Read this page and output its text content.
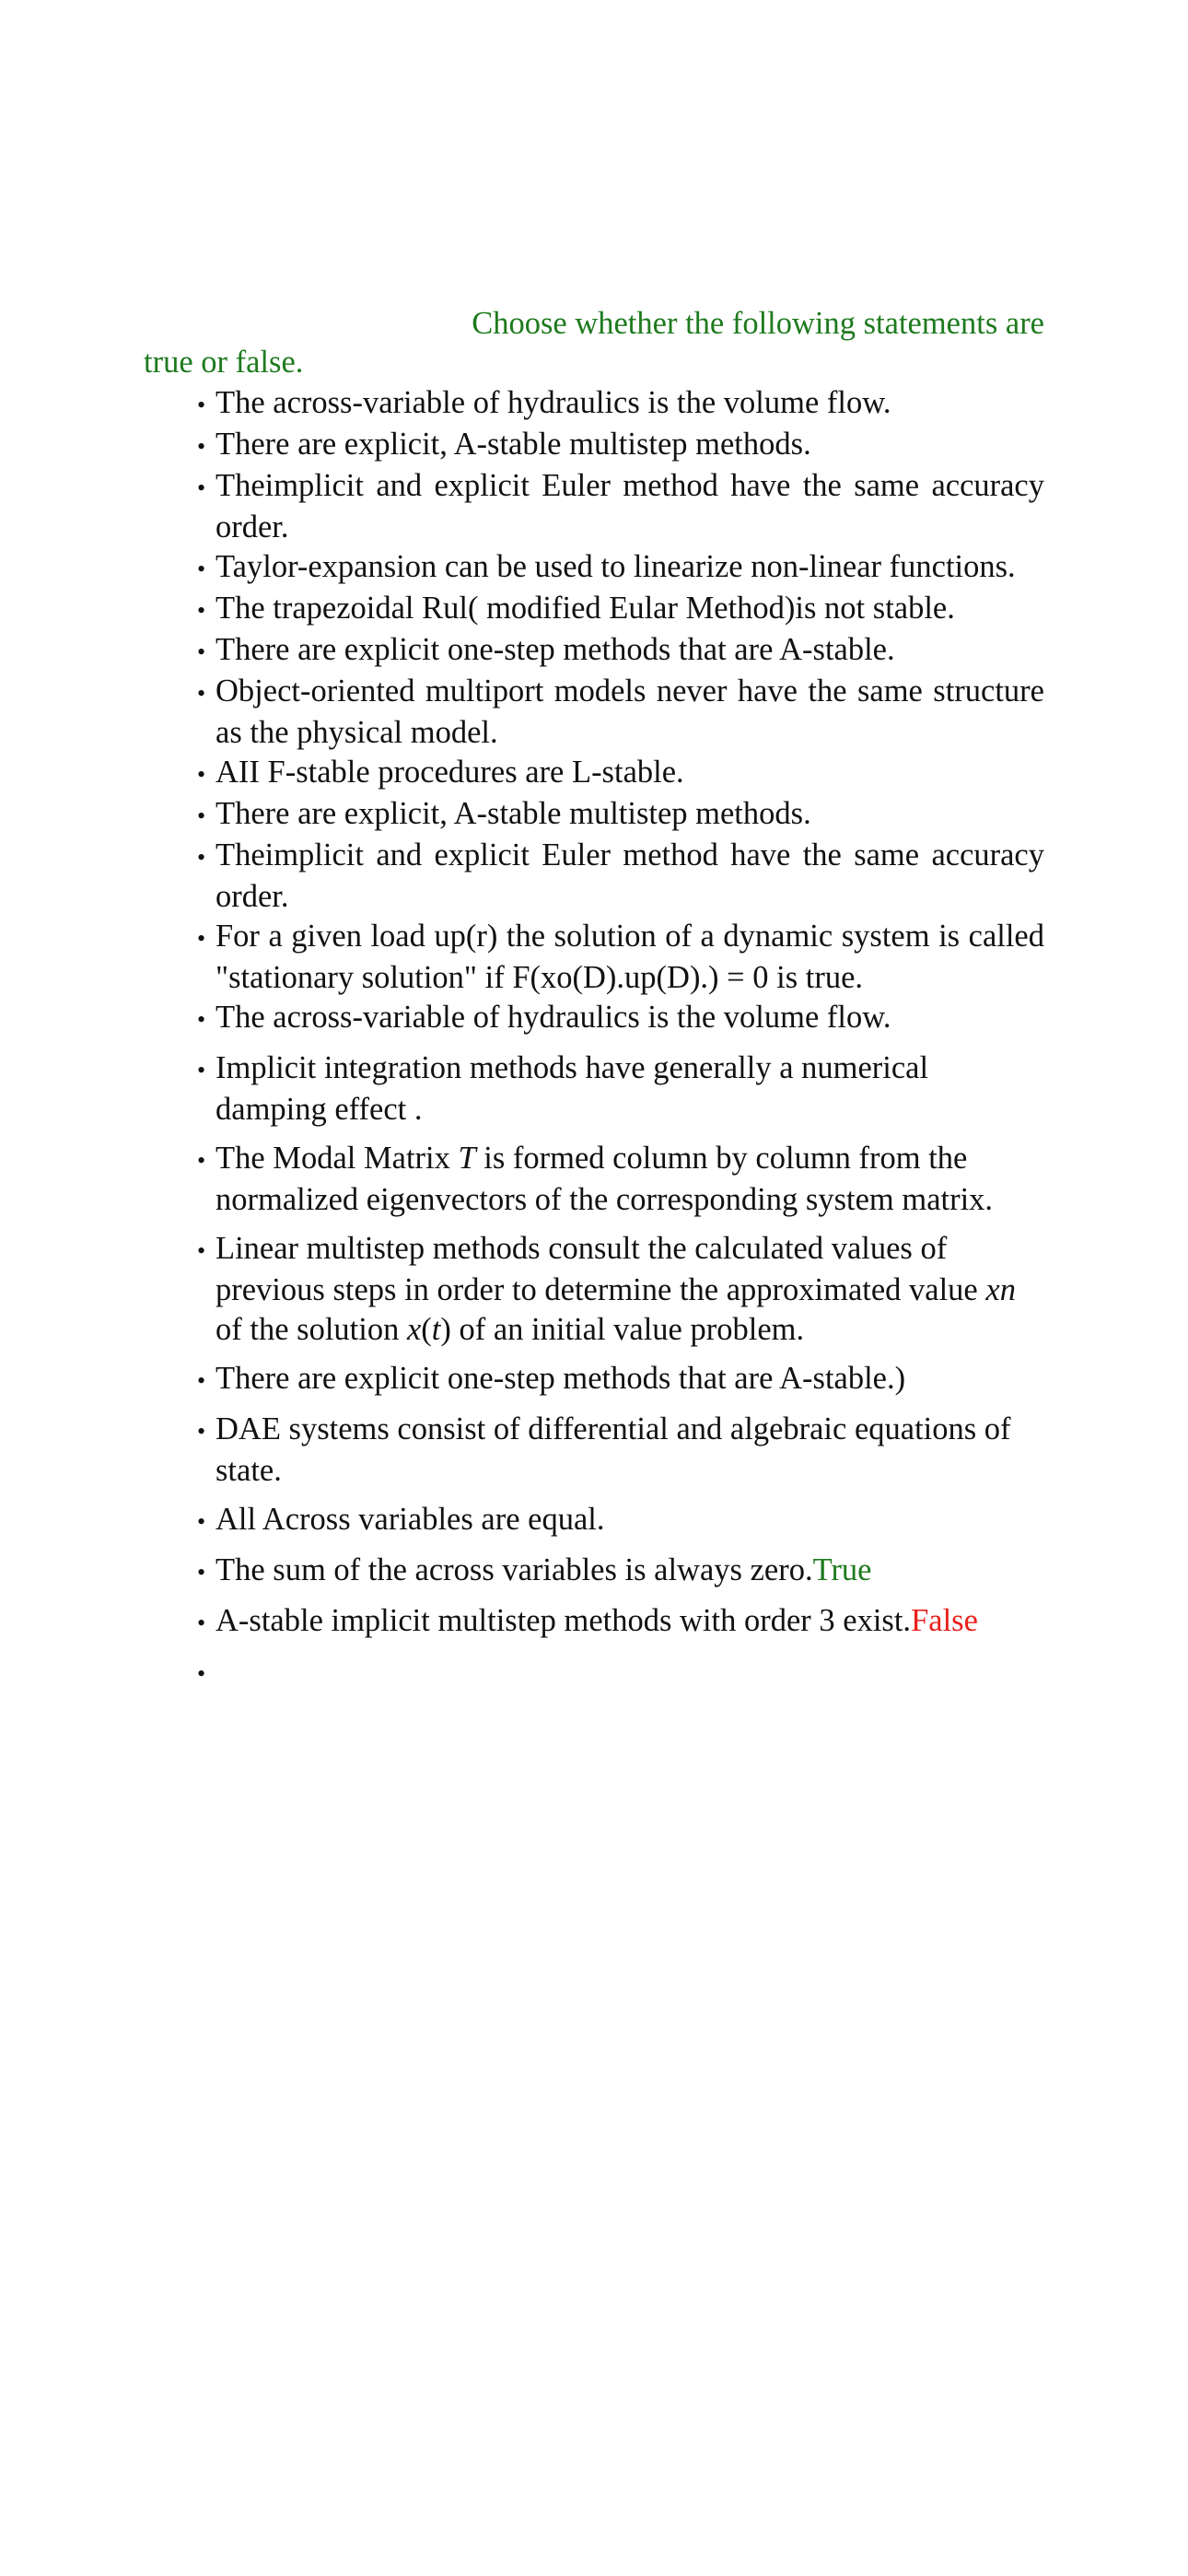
Choose whether the following statements are
true or false.
• The across-variable of hydraulics is the volume flow.
• There are explicit, A-stable multistep methods.
• Theimplicit and explicit Euler method have the same accuracy order.
• Taylor-expansion can be used to linearize non-linear functions.
• The trapezoidal Rul( modified Eular Method)is not stable.
• There are explicit one-step methods that are A-stable.
• Object-oriented multiport models never have the same structure as the physical model.
• AII F-stable procedures are L-stable.
• There are explicit, A-stable multistep methods.
• Theimplicit and explicit Euler method have the same accuracy order.
• For a given load up(r) the solution of a dynamic system is called "stationary solution" if F(xo(D).up(D).) = 0 is true.
• The across-variable of hydraulics is the volume flow.
• Implicit integration methods have generally a numerical damping effect .
• The Modal Matrix T is formed column by column from the normalized eigenvectors of the corresponding system matrix.
• Linear multistep methods consult the calculated values of previous steps in order to determine the approximated value xn of the solution x(t) of an initial value problem.
• There are explicit one-step methods that are A-stable.)
• DAE systems consist of differential and algebraic equations of state.
• All Across variables are equal.
• The sum of the across variables is always zero.True
• A-stable implicit multistep methods with order 3 exist.False
•
